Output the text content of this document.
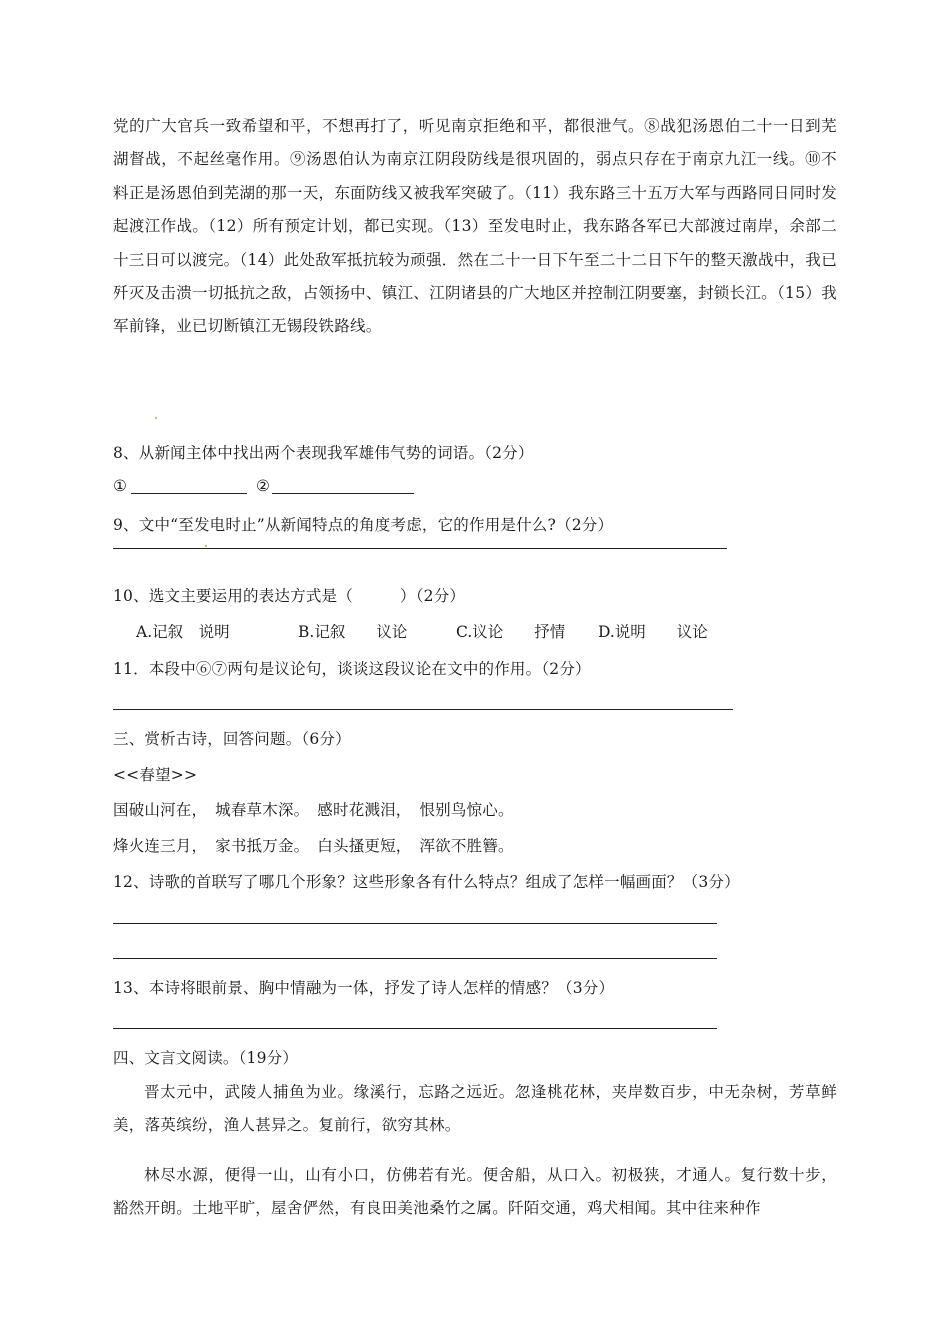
党的广大官兵一致希望和平，不想再打了，听见南京拒绝和平，都很泄气。⑧战犯汤恩伯二十一日到芜湖督战，不起丝毫作用。⑨汤恩伯认为南京江阴段防线是很巩固的，弱点只存在于南京九江一线。⑩不料正是汤恩伯到芜湖的那一天，东面防线又被我军突破了。（11）我东路三十五万大军与西路同日同时发起渡江作战。（12）所有预定计划，都已实现。（13）至发电时止，我东路各军已大部渡过南岸，余部二十三日可以渡完。（14）此处敌军抵抗较为顽强．然在二十一日下午至二十二日下午的整天激战中，我已歼灭及击溃一切抵抗之敌，占领扬中、镇江、江阴诸县的广大地区并控制江阴要塞，封锁长江。（15）我军前锋，业已切断镇江无锡段铁路线。
8、从新闻主体中找出两个表现我军雄伟气势的词语。（2分）
①	②
9、文中“至发电时止”从新闻特点的角度考虑，它的作用是什么?（2分）
10、选文主要运用的表达方式是（　　　）（2分）
A.记叙　说明	B.记叙　　议论	C.议论　　抒情 D.说明　　议论
11．本段中⑥⑦两句是议论句，谈谈这段议论在文中的作用。（2分）
三、赏析古诗，回答问题。（6分）
<<春望>>
国破山河在，　城春草木深。　感时花溅泪，　恨别鸟惊心。
烽火连三月，　家书抵万金。　白头搔更短，　浑欲不胜簪。
12、诗歌的首联写了哪几个形象？这些形象各有什么特点？组成了怎样一幅画面？（3分）
13、本诗将眼前景、胸中情融为一体，抒发了诗人怎样的情感？（3分）
四、文言文阅读。（19分）
晋太元中，武陵人捕鱼为业。缘溪行，忘路之远近。忽逢桃花林，夹岸数百步，中无杂树，芳草鲜美，落英缤纷，渔人甚异之。复前行，欲穷其林。
林尽水源，便得一山，山有小口，仿佛若有光。便舍船，从口入。初极狭，才通人。复行数十步，豁然开朗。土地平旷，屋舍俨然，有良田美池桑竹之属。阡陌交通，鸡犬相闻。其中往来种作
